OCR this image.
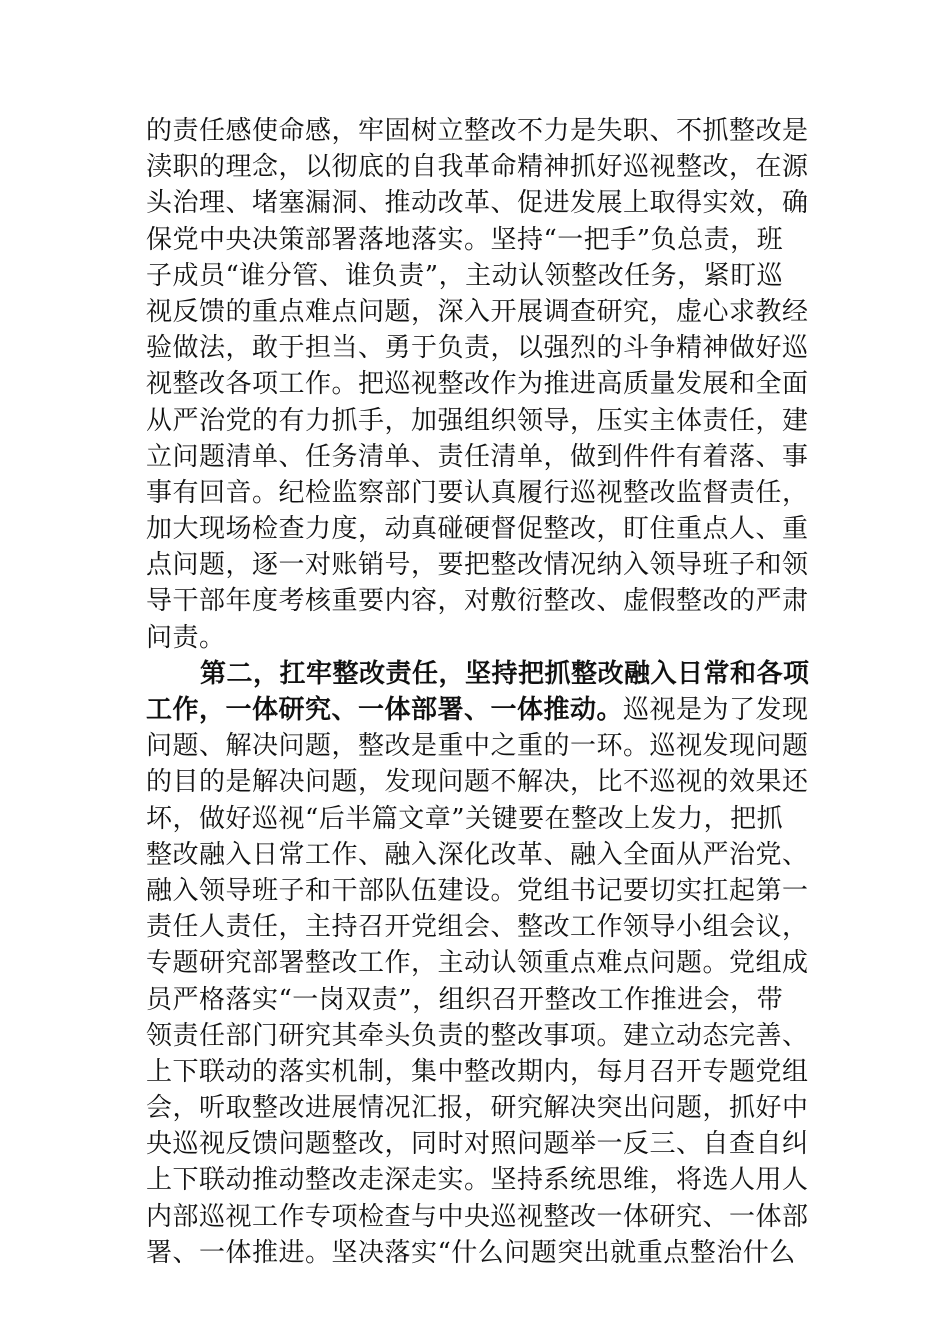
的责任感使命感，牢固树立整改不力是失职、不抓整改是
渎职的理念，以彻底的自我革命精神抓好巡视整改，在源
头治理、堵塞漏洞、推动改革、促进发展上取得实效，确
保党中央决策部署落地落实。坚持“一把手”负总责，班
子成员“谁分管、谁负责”，主动认领整改任务，紧盯巡
视反馈的重点难点问题，深入开展调查研究，虚心求教经
验做法，敢于担当、勇于负责，以强烈的斗争精神做好巡
视整改各项工作。把巡视整改作为推进高质量发展和全面
从严治党的有力抓手，加强组织领导，压实主体责任，建
立问题清单、任务清单、责任清单，做到件件有着落、事
事有回音。纪检监察部门要认真履行巡视整改监督责任，
加大现场检查力度，动真碰硬督促整改，盯住重点人、重
点问题，逐一对账销号，要把整改情况纳入领导班子和领
导干部年度考核重要内容，对敷衍整改、虚假整改的严肃
问责。
第二，扛牢整改责任，坚持把抓整改融入日常和各项
工作，一体研究、一体部署、一体推动。巡视是为了发现
问题、解决问题，整改是重中之重的一环。巡视发现问题
的目的是解决问题，发现问题不解决，比不巡视的效果还
坏，做好巡视“后半篇文章”关键要在整改上发力，把抓
整改融入日常工作、融入深化改革、融入全面从严治党、
融入领导班子和干部队伍建设。党组书记要切实扛起第一
责任人责任，主持召开党组会、整改工作领导小组会议，
专题研究部署整改工作，主动认领重点难点问题。党组成
员严格落实“一岗双责”，组织召开整改工作推进会，带
领责任部门研究其牵头负责的整改事项。建立动态完善、
上下联动的落实机制，集中整改期内，每月召开专题党组
会，听取整改进展情况汇报，研究解决突出问题，抓好中
央巡视反馈问题整改，同时对照问题举一反三、自查自纠
上下联动推动整改走深走实。坚持系统思维，将选人用人
内部巡视工作专项检查与中央巡视整改一体研究、一体部
署、一体推进。坚决落实“什么问题突出就重点整治什么
